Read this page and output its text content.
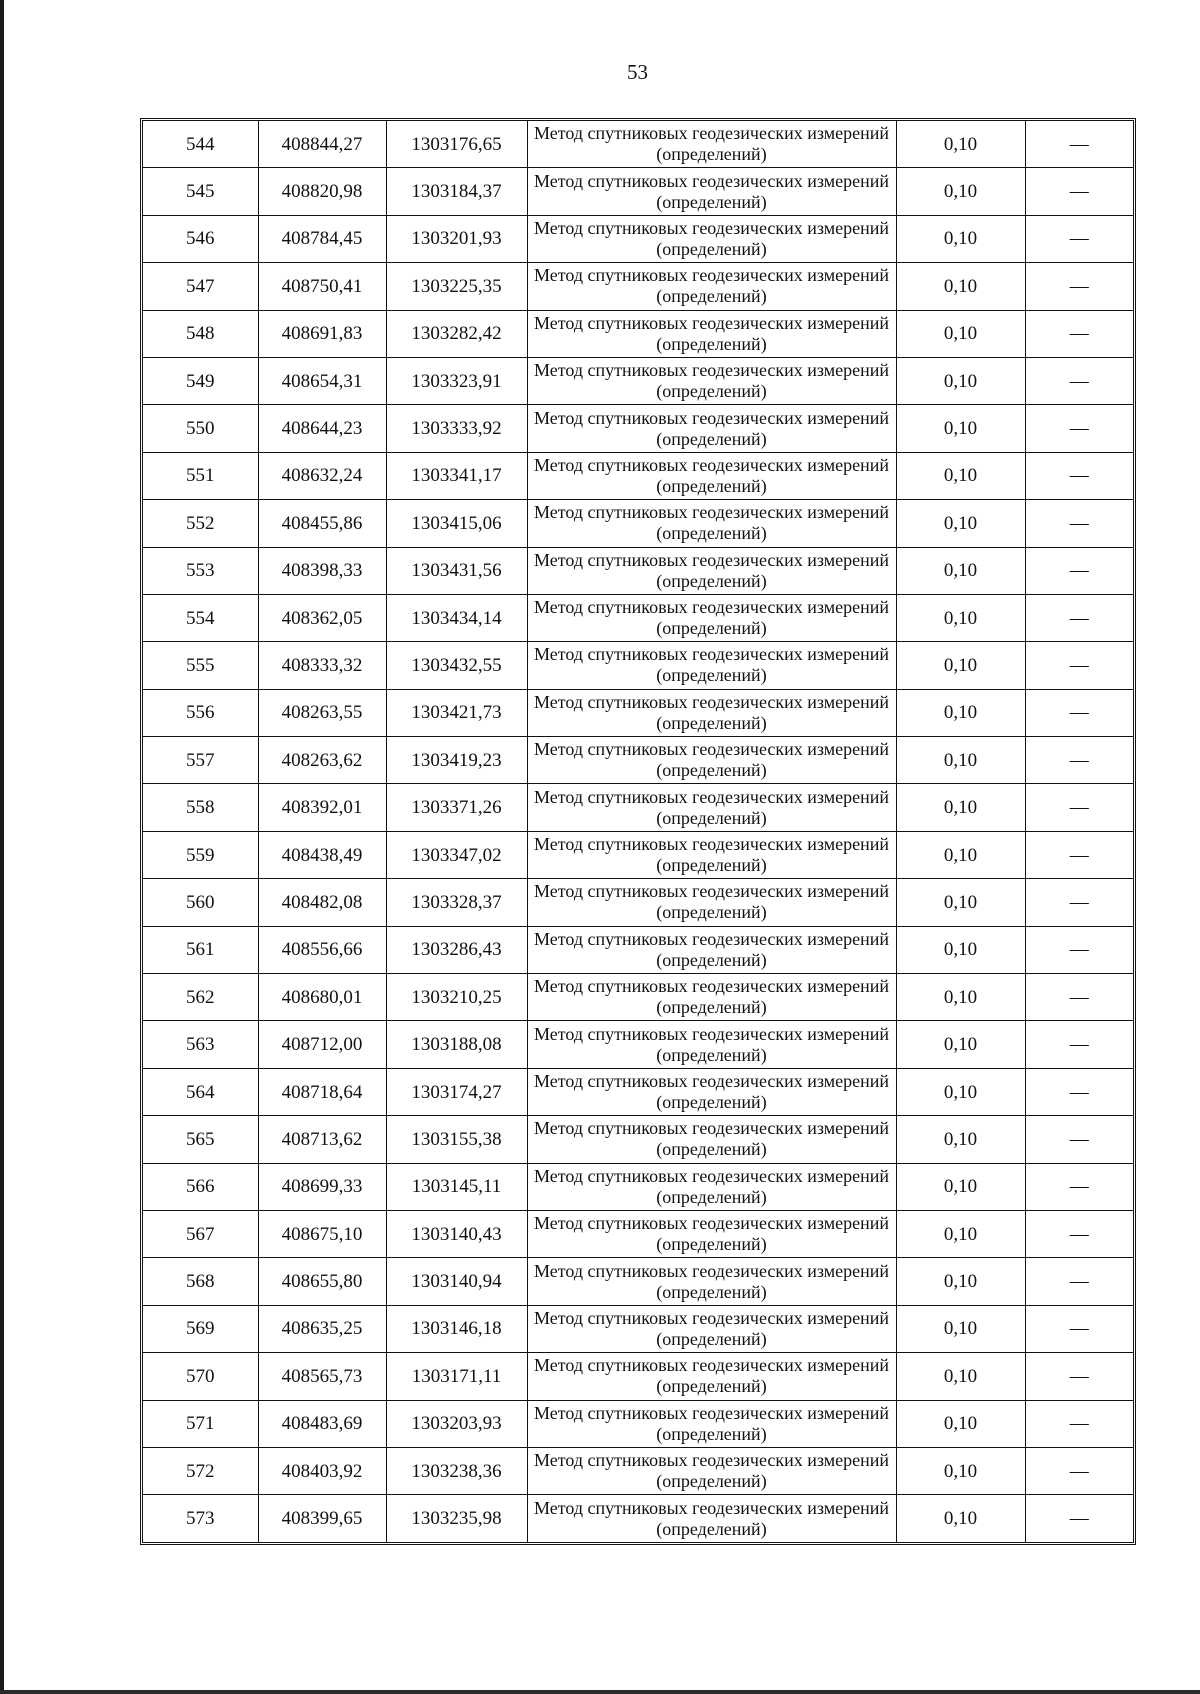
53
544	408844,27	1303176,65	Метод спутниковых геодезических измерений (определений)	0,10	—
545	408820,98	1303184,37	Метод спутниковых геодезических измерений (определений)	0,10	—
546	408784,45	1303201,93	Метод спутниковых геодезических измерений (определений)	0,10	—
547	408750,41	1303225,35	Метод спутниковых геодезических измерений (определений)	0,10	—
548	408691,83	1303282,42	Метод спутниковых геодезических измерений (определений)	0,10	—
549	408654,31	1303323,91	Метод спутниковых геодезических измерений (определений)	0,10	—
550	408644,23	1303333,92	Метод спутниковых геодезических измерений (определений)	0,10	—
551	408632,24	1303341,17	Метод спутниковых геодезических измерений (определений)	0,10	—
552	408455,86	1303415,06	Метод спутниковых геодезических измерений (определений)	0,10	—
553	408398,33	1303431,56	Метод спутниковых геодезических измерений (определений)	0,10	—
554	408362,05	1303434,14	Метод спутниковых геодезических измерений (определений)	0,10	—
555	408333,32	1303432,55	Метод спутниковых геодезических измерений (определений)	0,10	—
556	408263,55	1303421,73	Метод спутниковых геодезических измерений (определений)	0,10	—
557	408263,62	1303419,23	Метод спутниковых геодезических измерений (определений)	0,10	—
558	408392,01	1303371,26	Метод спутниковых геодезических измерений (определений)	0,10	—
559	408438,49	1303347,02	Метод спутниковых геодезических измерений (определений)	0,10	—
560	408482,08	1303328,37	Метод спутниковых геодезических измерений (определений)	0,10	—
561	408556,66	1303286,43	Метод спутниковых геодезических измерений (определений)	0,10	—
562	408680,01	1303210,25	Метод спутниковых геодезических измерений (определений)	0,10	—
563	408712,00	1303188,08	Метод спутниковых геодезических измерений (определений)	0,10	—
564	408718,64	1303174,27	Метод спутниковых геодезических измерений (определений)	0,10	—
565	408713,62	1303155,38	Метод спутниковых геодезических измерений (определений)	0,10	—
566	408699,33	1303145,11	Метод спутниковых геодезических измерений (определений)	0,10	—
567	408675,10	1303140,43	Метод спутниковых геодезических измерений (определений)	0,10	—
568	408655,80	1303140,94	Метод спутниковых геодезических измерений (определений)	0,10	—
569	408635,25	1303146,18	Метод спутниковых геодезических измерений (определений)	0,10	—
570	408565,73	1303171,11	Метод спутниковых геодезических измерений (определений)	0,10	—
571	408483,69	1303203,93	Метод спутниковых геодезических измерений (определений)	0,10	—
572	408403,92	1303238,36	Метод спутниковых геодезических измерений (определений)	0,10	—
573	408399,65	1303235,98	Метод спутниковых геодезических измерений (определений)	0,10	—
